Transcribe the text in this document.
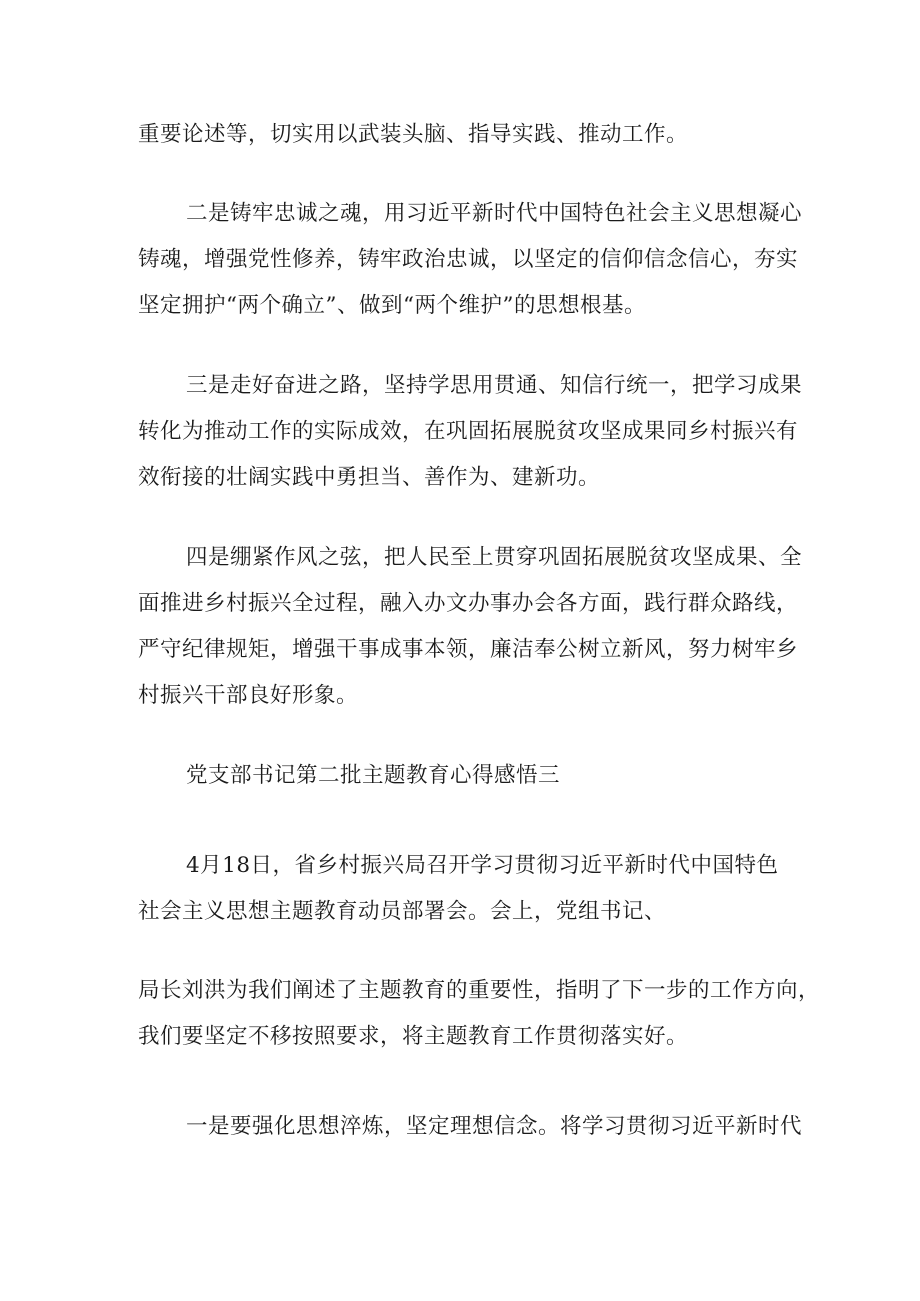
重要论述等，切实用以武装头脑、指导实践、推动工作。
二是铸牢忠诚之魂，用习近平新时代中国特色社会主义思想凝心
铸魂，增强党性修养，铸牢政治忠诚，以坚定的信仰信念信心，夯实
坚定拥护“两个确立”、做到“两个维护”的思想根基。
三是走好奋进之路，坚持学思用贯通、知信行统一，把学习成果
转化为推动工作的实际成效，在巩固拓展脱贫攻坚成果同乡村振兴有
效衔接的壮阔实践中勇担当、善作为、建新功。
四是绷紧作风之弦，把人民至上贯穿巩固拓展脱贫攻坚成果、全
面推进乡村振兴全过程，融入办文办事办会各方面，践行群众路线，
严守纪律规矩，增强干事成事本领，廉洁奉公树立新风，努力树牢乡
村振兴干部良好形象。
党支部书记第二批主题教育心得感悟三
4月18日，省乡村振兴局召开学习贯彻习近平新时代中国特色
社会主义思想主题教育动员部署会。会上，党组书记、
局长刘洪为我们阐述了主题教育的重要性，指明了下一步的工作方向，
我们要坚定不移按照要求，将主题教育工作贯彻落实好。
一是要强化思想淬炼，坚定理想信念。将学习贯彻习近平新时代
